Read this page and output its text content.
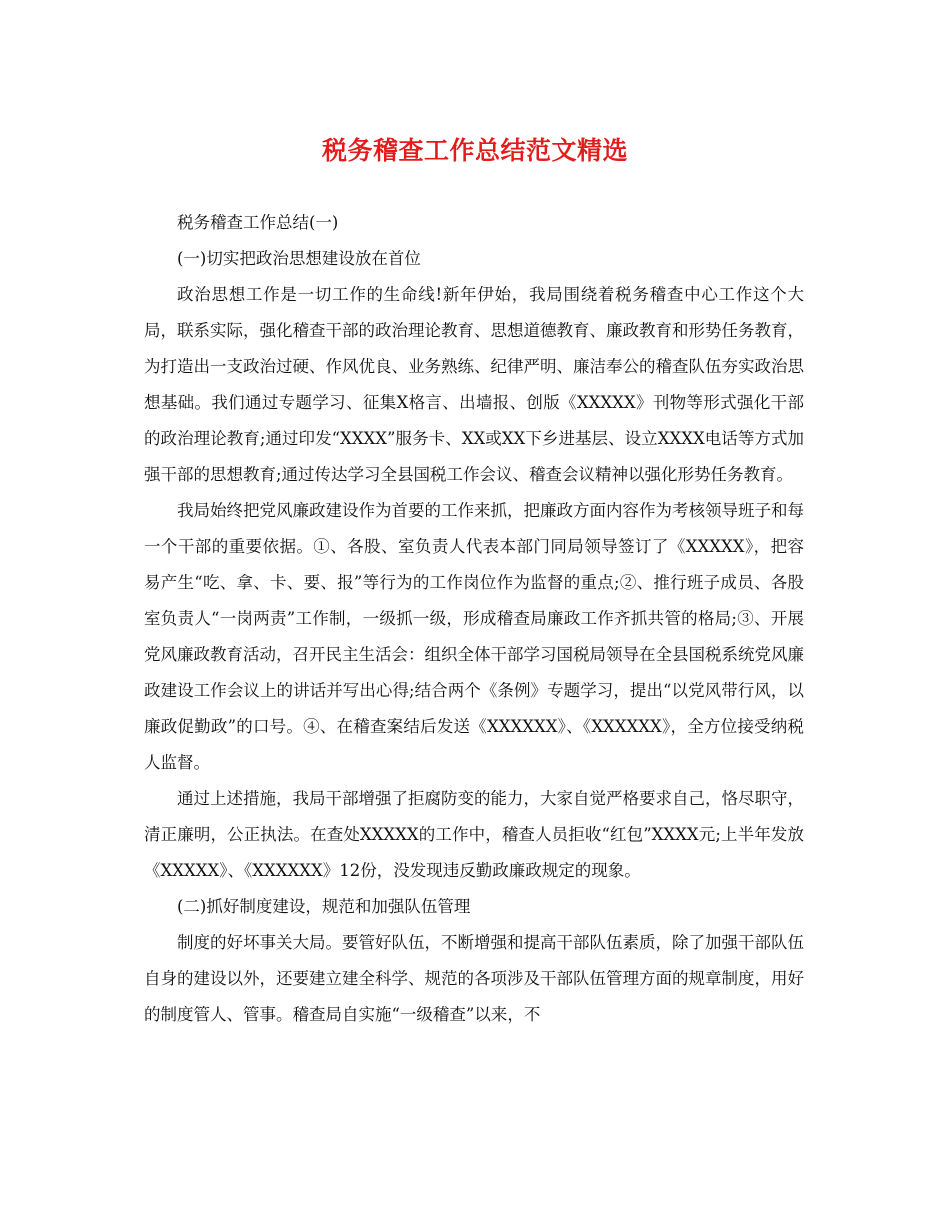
税务稽查工作总结范文精选

税务稽查工作总结(一)

(一)切实把政治思想建设放在首位

政治思想工作是一切工作的生命线!新年伊始，我局围绕着税务稽查中心工作这个大局，联系实际，强化稽查干部的政治理论教育、思想道德教育、廉政教育和形势任务教育，为打造出一支政治过硬、作风优良、业务熟练、纪律严明、廉洁奉公的稽查队伍夯实政治思想基础。我们通过专题学习、征集X格言、出墙报、创版《XXXXX》刊物等形式强化干部的政治理论教育;通过印发“XXXX”服务卡、XX或XX下乡进基层、设立XXXX电话等方式加强干部的思想教育;通过传达学习全县国税工作会议、稽查会议精神以强化形势任务教育。

我局始终把党风廉政建设作为首要的工作来抓，把廉政方面内容作为考核领导班子和每一个干部的重要依据。①、各股、室负责人代表本部门同局领导签订了《XXXXX》，把容易产生“吃、拿、卡、要、报”等行为的工作岗位作为监督的重点;②、推行班子成员、各股室负责人“一岗两责”工作制，一级抓一级，形成稽查局廉政工作齐抓共管的格局;③、开展党风廉政教育活动，召开民主生活会：组织全体干部学习国税局领导在全县国税系统党风廉政建设工作会议上的讲话并写出心得;结合两个《条例》专题学习，提出“以党风带行风，以廉政促勤政”的口号。④、在稽查案结后发送《XXXXXX》、《XXXXXX》，全方位接受纳税人监督。

通过上述措施，我局干部增强了拒腐防变的能力，大家自觉严格要求自己，恪尽职守，清正廉明，公正执法。在查处XXXXX的工作中，稽查人员拒收“红包”XXXX元;上半年发放《XXXXX》、《XXXXXX》12份，没发现违反勤政廉政规定的现象。

(二)抓好制度建设，规范和加强队伍管理

制度的好坏事关大局。要管好队伍，不断增强和提高干部队伍素质，除了加强干部队伍自身的建设以外，还要建立建全科学、规范的各项涉及干部队伍管理方面的规章制度，用好的制度管人、管事。稽查局自实施“一级稽查”以来，不
